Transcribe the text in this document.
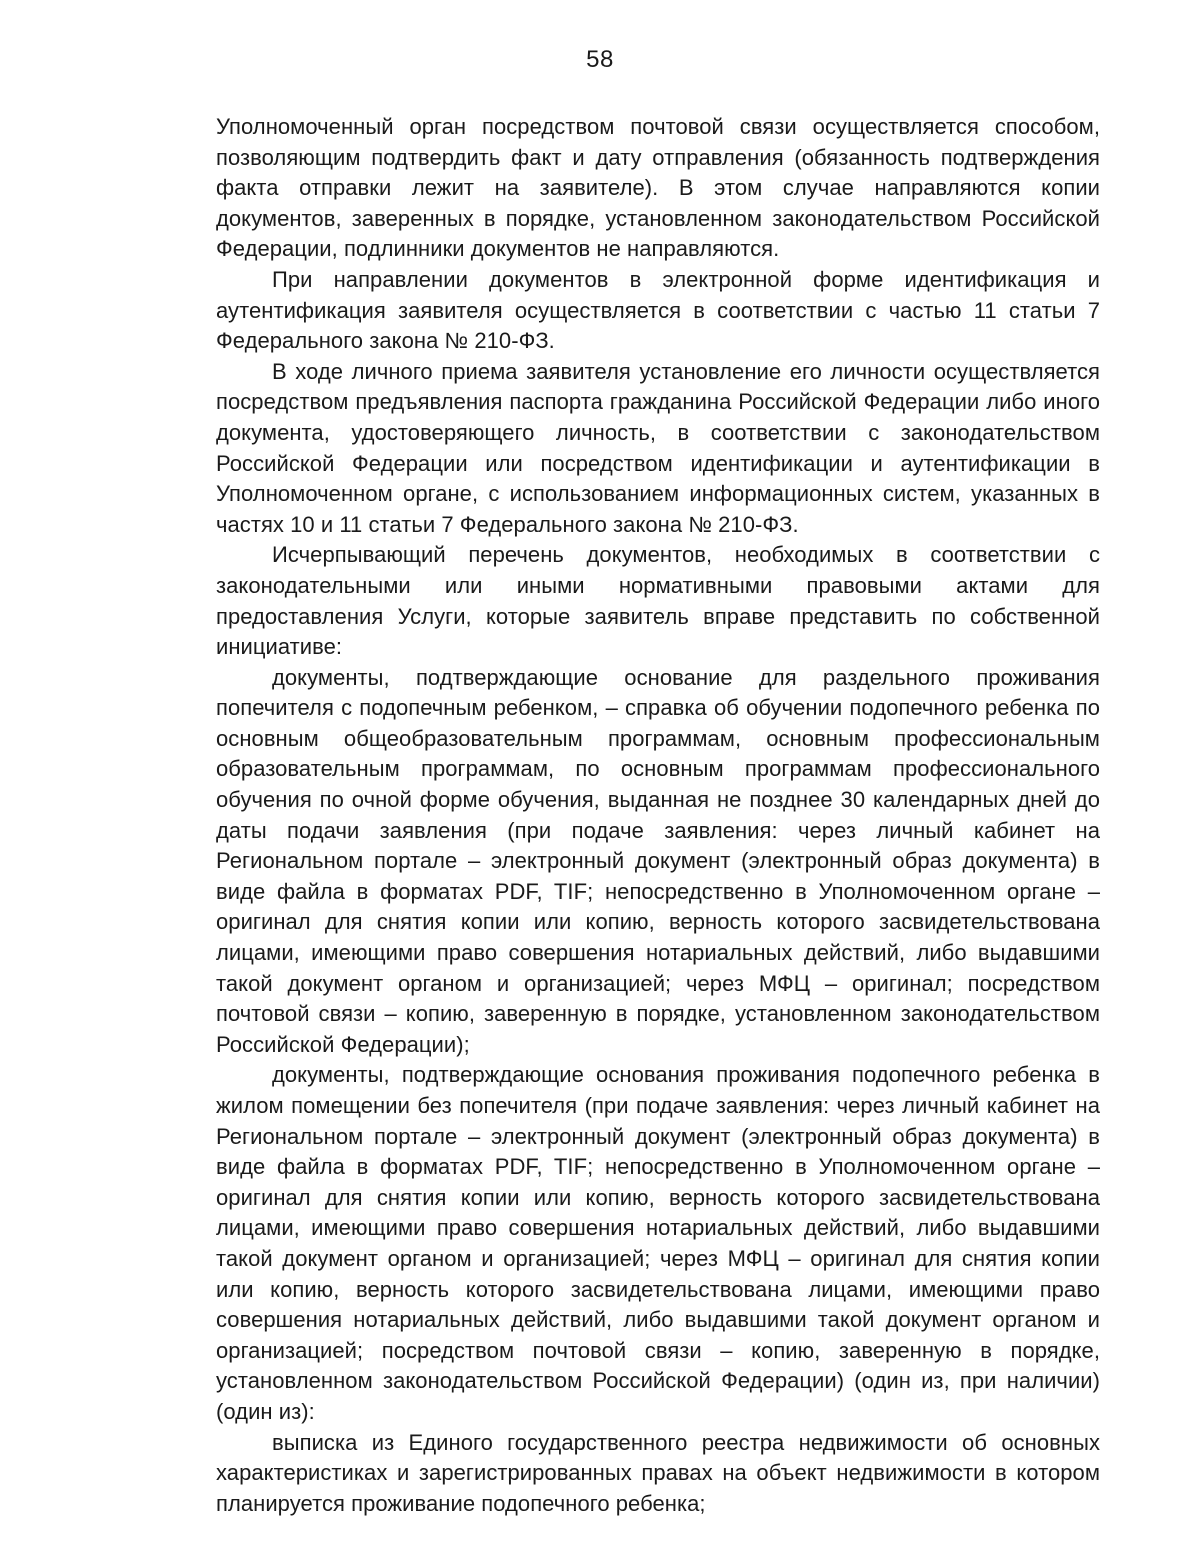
58

Уполномоченный орган посредством почтовой связи осуществляется способом, позволяющим подтвердить факт и дату отправления (обязанность подтверждения факта отправки лежит на заявителе). В этом случае направляются копии документов, заверенных в порядке, установленном законодательством Российской Федерации, подлинники документов не направляются.

При направлении документов в электронной форме идентификация и аутентификация заявителя осуществляется в соответствии с частью 11 статьи 7 Федерального закона № 210-ФЗ.

В ходе личного приема заявителя установление его личности осуществляется посредством предъявления паспорта гражданина Российской Федерации либо иного документа, удостоверяющего личность, в соответствии с законодательством Российской Федерации или посредством идентификации и аутентификации в Уполномоченном органе, с использованием информационных систем, указанных в частях 10 и 11 статьи 7 Федерального закона № 210-ФЗ.

Исчерпывающий перечень документов, необходимых в соответствии с законодательными или иными нормативными правовыми актами для предоставления Услуги, которые заявитель вправе представить по собственной инициативе:

документы, подтверждающие основание для раздельного проживания попечителя с подопечным ребенком, – справка об обучении подопечного ребенка по основным общеобразовательным программам, основным профессиональным образовательным программам, по основным программам профессионального обучения по очной форме обучения, выданная не позднее 30 календарных дней до даты подачи заявления (при подаче заявления: через личный кабинет на Региональном портале – электронный документ (электронный образ документа) в виде файла в форматах PDF, TIF; непосредственно в Уполномоченном органе – оригинал для снятия копии или копию, верность которого засвидетельствована лицами, имеющими право совершения нотариальных действий, либо выдавшими такой документ органом и организацией; через МФЦ – оригинал; посредством почтовой связи – копию, заверенную в порядке, установленном законодательством Российской Федерации);

документы, подтверждающие основания проживания подопечного ребенка в жилом помещении без попечителя (при подаче заявления: через личный кабинет на Региональном портале – электронный документ (электронный образ документа) в виде файла в форматах PDF, TIF; непосредственно в Уполномоченном органе – оригинал для снятия копии или копию, верность которого засвидетельствована лицами, имеющими право совершения нотариальных действий, либо выдавшими такой документ органом и организацией; через МФЦ – оригинал для снятия копии или копию, верность которого засвидетельствована лицами, имеющими право совершения нотариальных действий, либо выдавшими такой документ органом и организацией; посредством почтовой связи – копию, заверенную в порядке, установленном законодательством Российской Федерации) (один из, при наличии) (один из):

выписка из Единого государственного реестра недвижимости об основных характеристиках и зарегистрированных правах на объект недвижимости в котором планируется проживание подопечного ребенка;
